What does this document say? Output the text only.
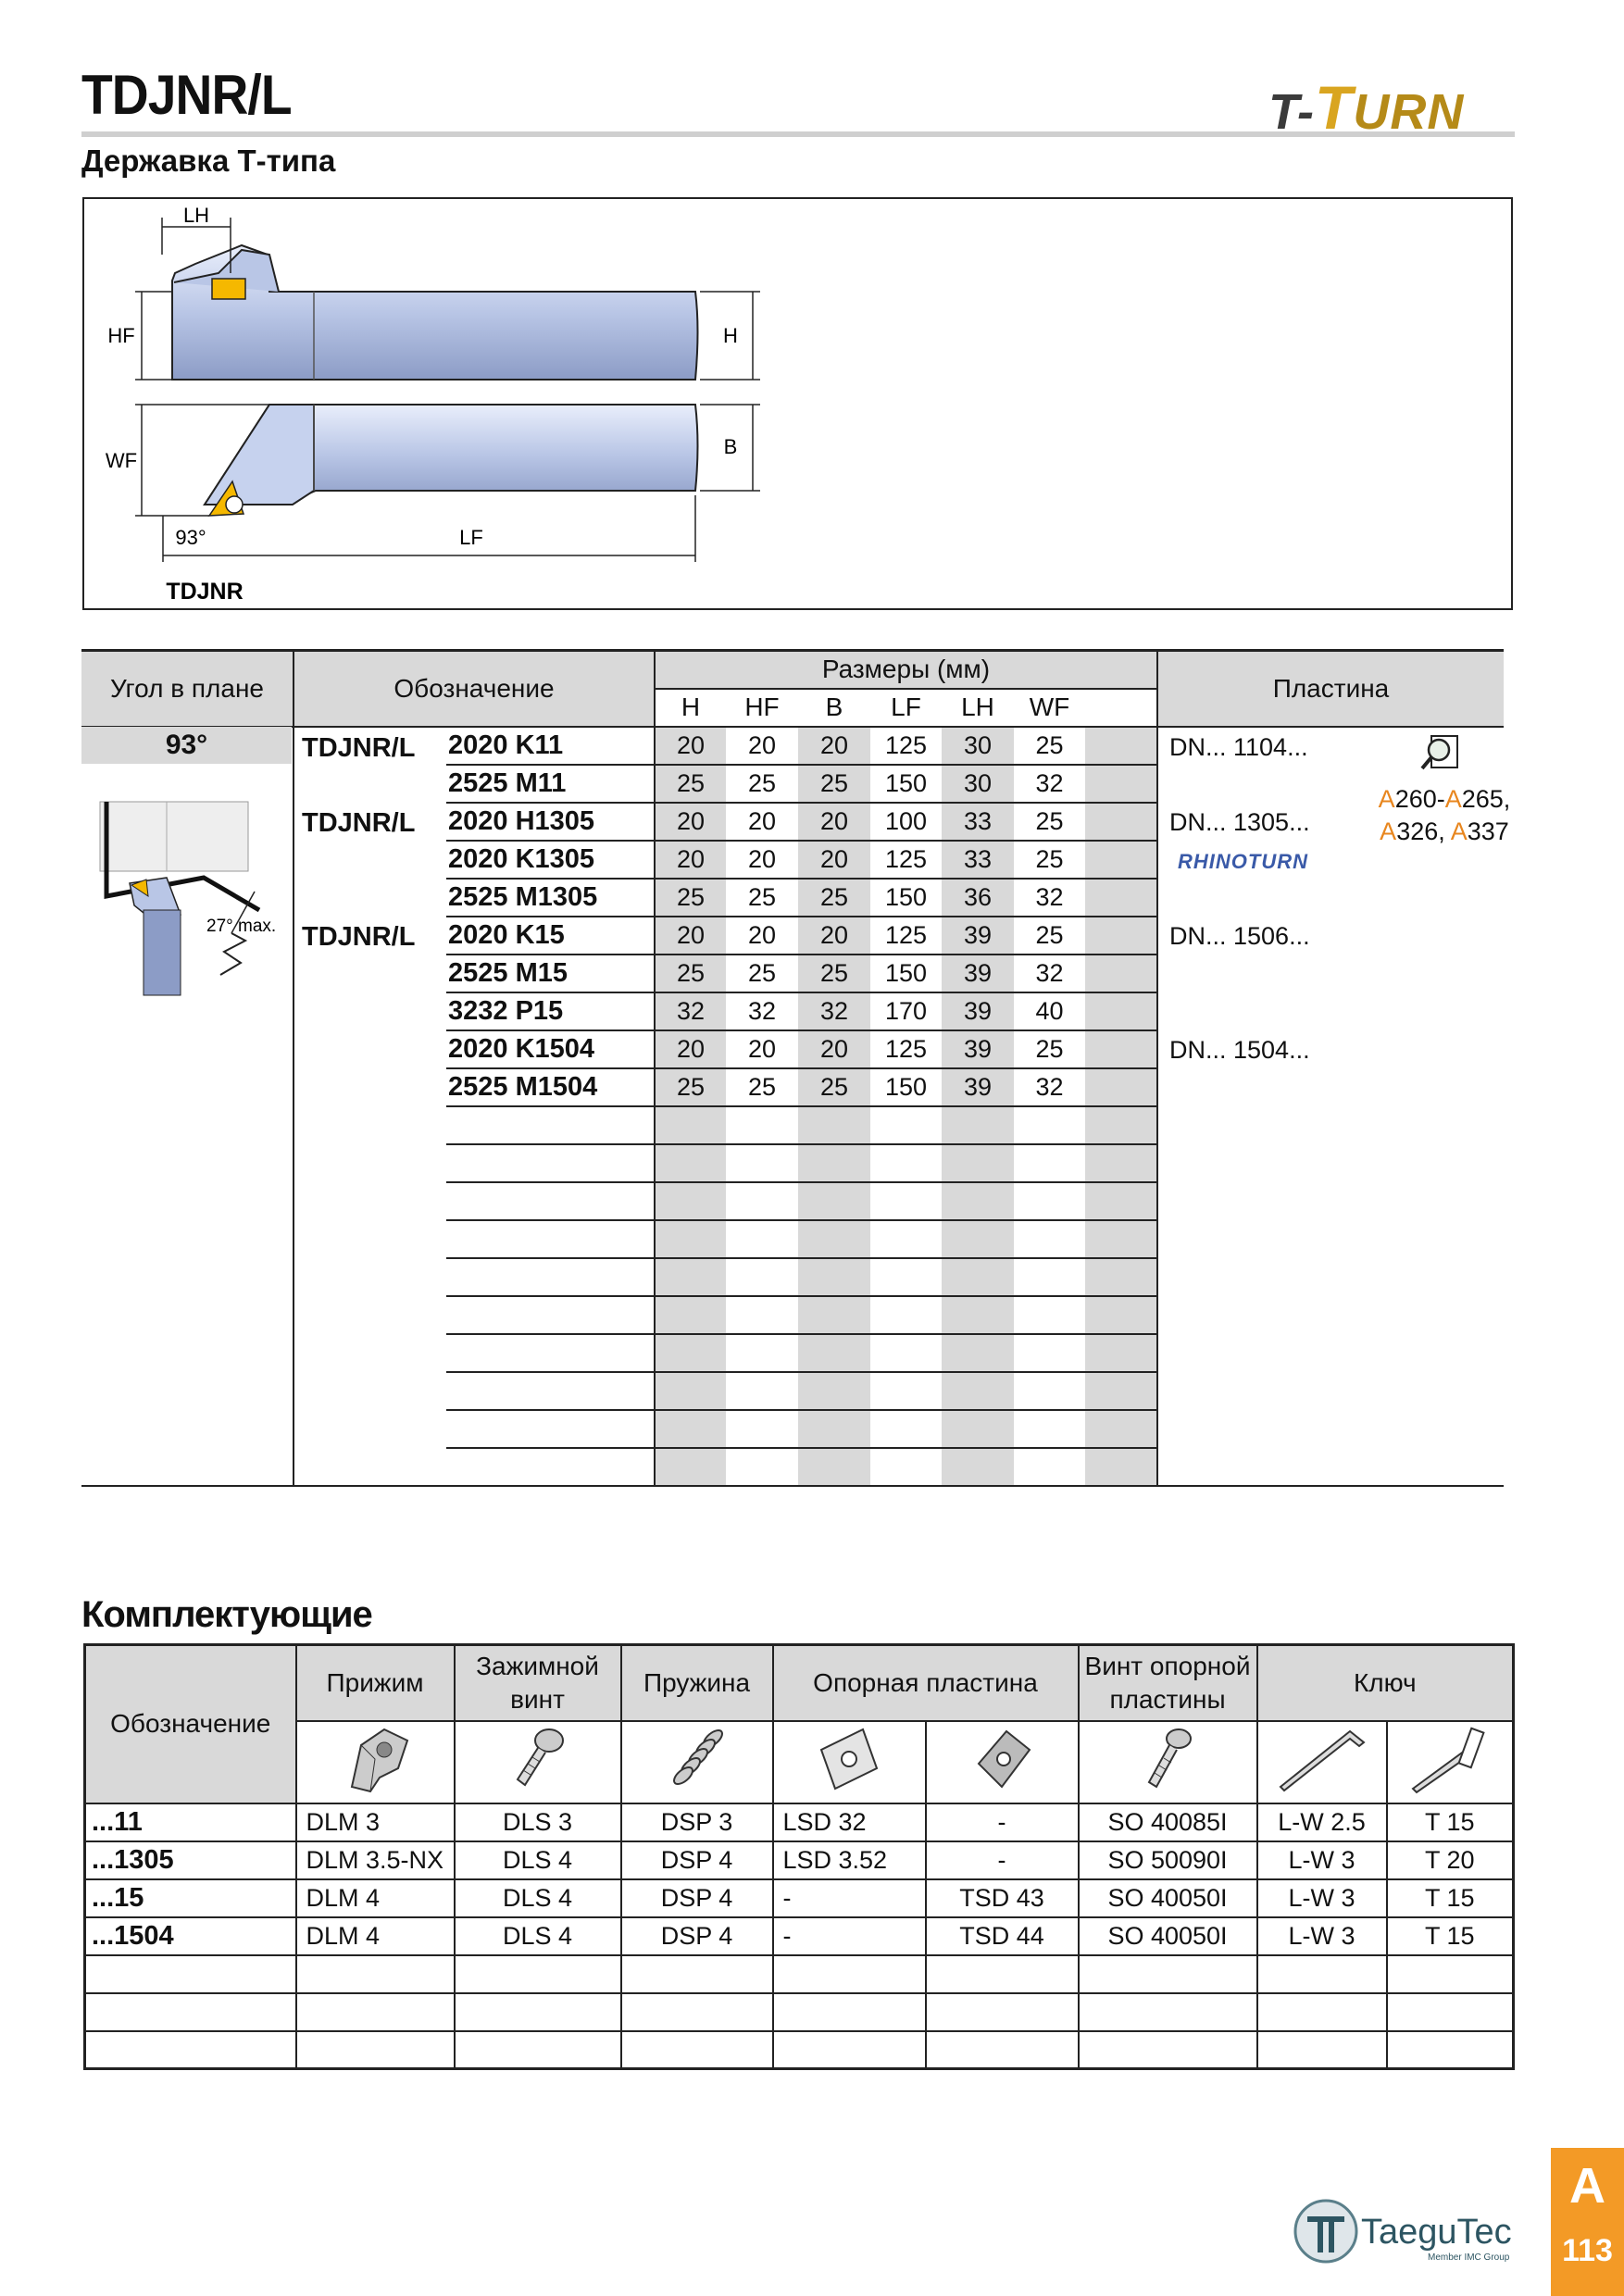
TDJNR/L
Державка Т-типа
T-TURN
LH
HF	H
WF
B
93°	LF
TDJNR
Угол в плане	Обозначение		Размеры (мм)							Пластина
			H	HF	B	LF	LH	WF		
	TDJNR/L	2020 K11	20	20	20	125	30	25		DN... 1104...
		2525 M11	25	25	25	150	30	32		
	TDJNR/L	2020 H1305	20	20	20	100	33	25		DN... 1305...
		2020 K1305	20	20	20	125	33	25		
		2525 M1305	25	25	25	150	36	32		
	TDJNR/L	2020 K15	20	20	20	125	39	25		DN... 1506...
		2525 M15	25	25	25	150	39	32		
		3232 P15	32	32	32	170	39	40		
		2020 K1504	20	20	20	125	39	25		DN... 1504...
		2525 M1504	25	25	25	150	39	32		

93°
27° max.
A260-A265,
A326, A337
RHINOTURN
Комплектующие
Обозначение	Прижим	Зажимной винт	Пружина	Опорная пластина		Винт опорной пластины	Ключ	

...11	DLM 3	DLS 3	DSP 3	LSD 32	-	SO 40085I	L-W 2.5	T 15
...1305	DLM 3.5-NX	DLS 4	DSP 4	LSD 3.52	-	SO 50090I	L-W 3	T 20
...15	DLM 4	DLS 4	DSP 4	-	TSD 43	SO 40050I	L-W 3	T 15
...1504	DLM 4	DLS 4	DSP 4	-	TSD 44	SO 40050I	L-W 3	T 15

TaeguTec
Member IMC Group
A
113
